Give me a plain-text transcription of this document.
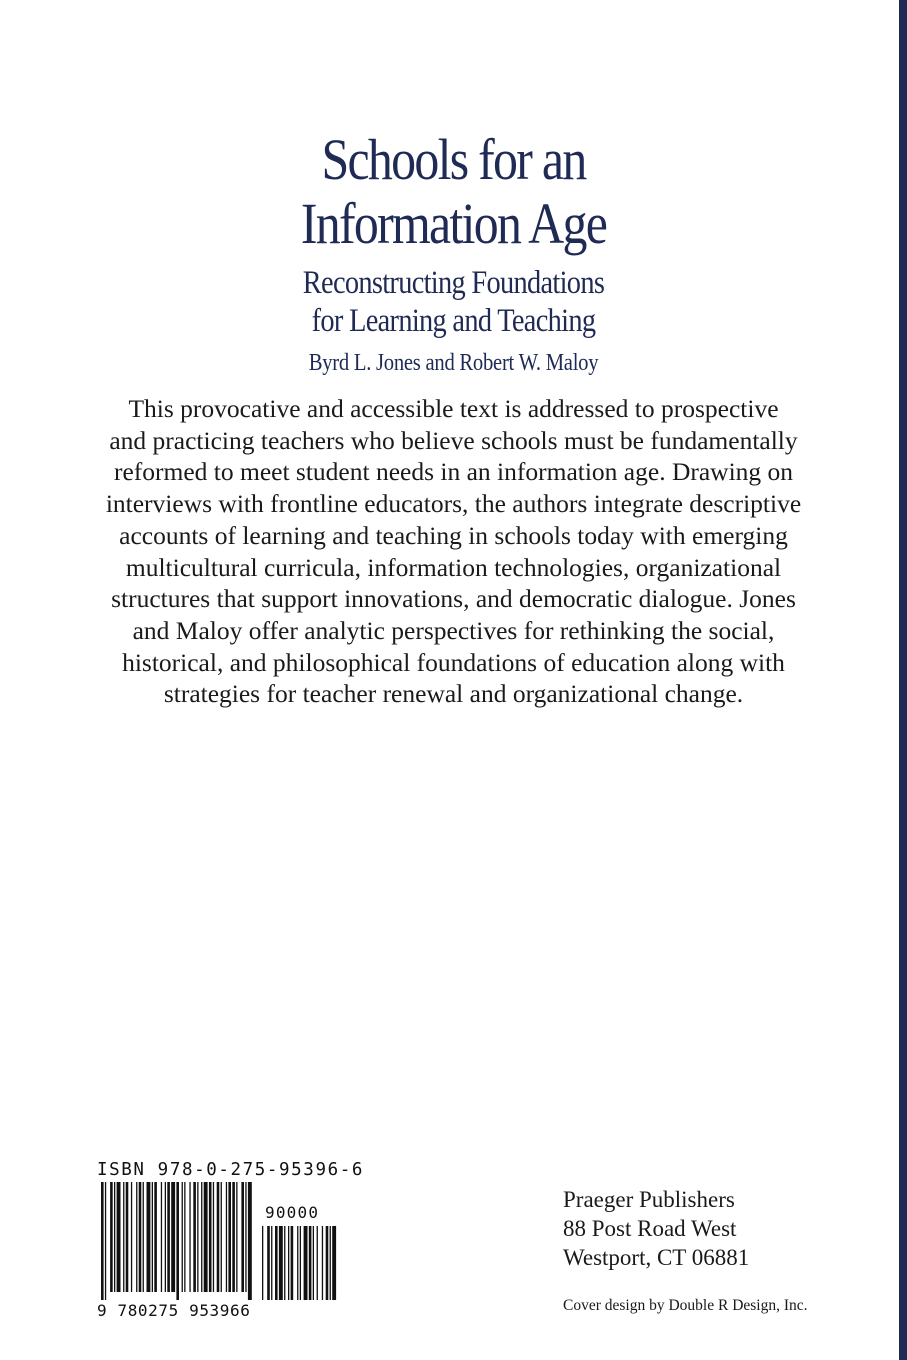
Schools for an
Information Age
Reconstructing Foundations
for Learning and Teaching
Byrd L. Jones and Robert W. Maloy

This provocative and accessible text is addressed to prospective
and practicing teachers who believe schools must be fundamentally
reformed to meet student needs in an information age. Drawing on
interviews with frontline educators, the authors integrate descriptive
accounts of learning and teaching in schools today with emerging
multicultural curricula, information technologies, organizational
structures that support innovations, and democratic dialogue. Jones
and Maloy offer analytic perspectives for rethinking the social,
historical, and philosophical foundations of education along with
strategies for teacher renewal and organizational change.

ISBN 978-0-275-95396-6
90000
9 780275 953966
Praeger Publishers
88 Post Road West
Westport, CT 06881
Cover design by Double R Design, Inc.
